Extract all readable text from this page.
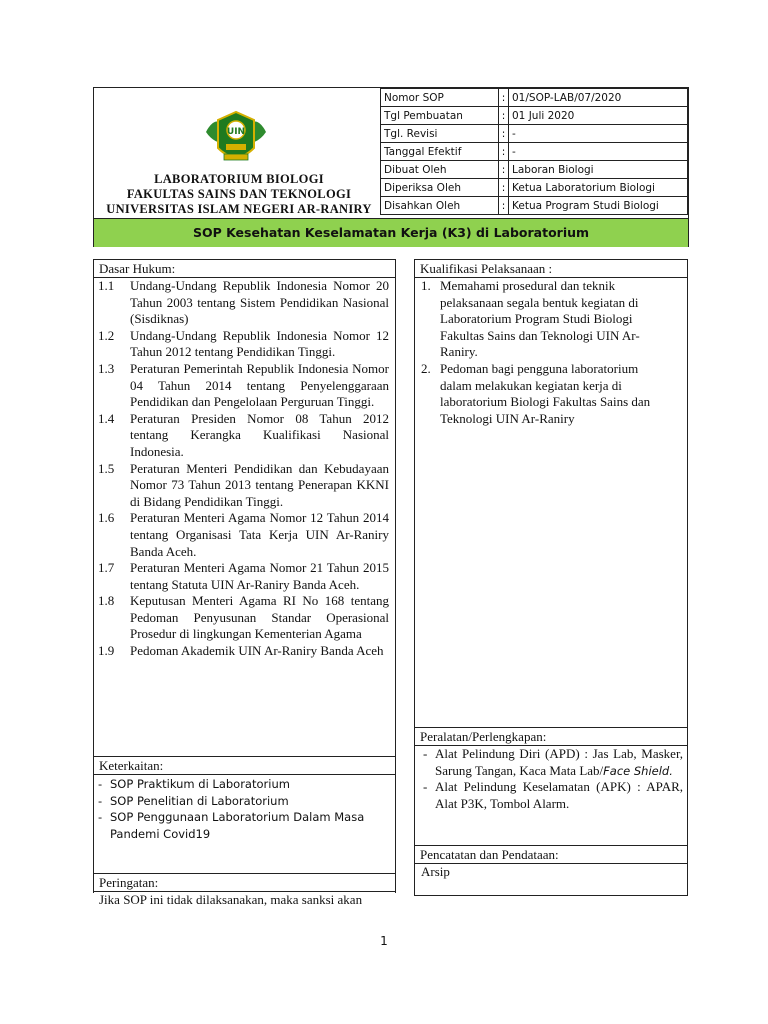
UIN
LABORATORIUM BIOLOGI
FAKULTAS SAINS DAN TEKNOLOGI
UNIVERSITAS ISLAM NEGERI AR-RANIRY
Nomor SOP	:	01/SOP-LAB/07/2020
Tgl Pembuatan	:	01 Juli 2020
Tgl. Revisi	:	-
Tanggal Efektif	:	-
Dibuat Oleh	:	Laboran Biologi
Diperiksa Oleh	:	Ketua Laboratorium Biologi
Disahkan Oleh	:	Ketua Program Studi Biologi
SOP Kesehatan Keselamatan Kerja (K3) di Laboratorium
Dasar Hukum:
1.1 Undang-Undang Republik Indonesia Nomor 20 Tahun 2003 tentang Sistem Pendidikan Nasional (Sisdiknas)
1.2 Undang-Undang Republik Indonesia Nomor 12 Tahun 2012 tentang Pendidikan Tinggi.
1.3 Peraturan Pemerintah Republik Indonesia Nomor 04 Tahun 2014 tentang Penyelenggaraan Pendidikan dan Pengelolaan Perguruan Tinggi.
1.4 Peraturan Presiden Nomor 08 Tahun 2012 tentang Kerangka Kualifikasi Nasional Indonesia.
1.5 Peraturan Menteri Pendidikan dan Kebudayaan Nomor 73 Tahun 2013 tentang Penerapan KKNI di Bidang Pendidikan Tinggi.
1.6 Peraturan Menteri Agama Nomor 12 Tahun 2014 tentang Organisasi Tata Kerja UIN Ar-Raniry Banda Aceh.
1.7 Peraturan Menteri Agama Nomor 21 Tahun 2015 tentang Statuta UIN Ar-Raniry Banda Aceh.
1.8 Keputusan Menteri Agama RI No 168 tentang Pedoman Penyusunan Standar Operasional Prosedur di lingkungan Kementerian Agama
1.9 Pedoman Akademik UIN Ar-Raniry Banda Aceh
Keterkaitan:
- SOP Praktikum di Laboratorium
- SOP Penelitian di Laboratorium
- SOP Penggunaan Laboratorium Dalam Masa Pandemi Covid19
Peringatan:
Jika SOP ini tidak dilaksanakan, maka sanksi akan
Kualifikasi Pelaksanaan :
1. Memahami prosedural dan teknik pelaksanaan segala bentuk kegiatan di Laboratorium Program Studi Biologi Fakultas Sains dan Teknologi UIN Ar- Raniry.
2. Pedoman bagi pengguna laboratorium dalam melakukan kegiatan kerja di laboratorium Biologi Fakultas Sains dan Teknologi UIN Ar-Raniry
Peralatan/Perlengkapan:
- Alat Pelindung Diri (APD) : Jas Lab, Masker, Sarung Tangan, Kaca Mata Lab/Face Shield.
- Alat Pelindung Keselamatan (APK) : APAR, Alat P3K, Tombol Alarm.
Pencatatan dan Pendataan:
Arsip
1
